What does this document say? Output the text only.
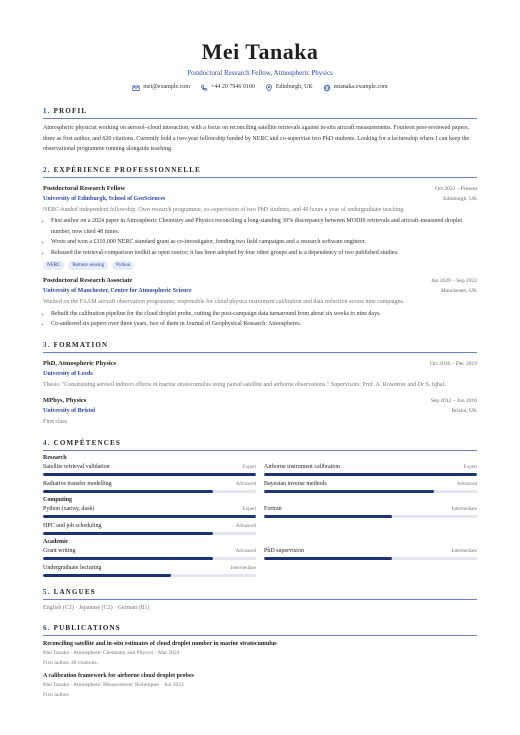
Mei Tanaka
Postdoctoral Research Fellow, Atmospheric Physics
mei@example.com	+44 20 7946 0100	Edinburgh, UK	mtanaka.example.com
1. PROFIL
Atmospheric physicist working on aerosol–cloud interaction, with a focus on reconciling satellite retrievals against in-situ aircraft measurements. Fourteen peer-reviewed papers, three as first author, and 620 citations. Currently hold a two-year fellowship funded by NERC and co-supervise two PhD students. Looking for a lectureship where I can keep the observational programme running alongside teaching.
2. EXPÉRIENCE PROFESSIONNELLE
Postdoctoral Research Fellow	Oct 2022 – Present
University of Edinburgh, School of GeoSciences	Edinburgh, UK
NERC-funded independent fellowship. Own research programme, co-supervision of two PhD students, and 40 hours a year of undergraduate teaching.
• First author on a 2024 paper in Atmospheric Chemistry and Physics reconciling a long-standing 30% discrepancy between MODIS retrievals and aircraft-measured droplet number, now cited 48 times.
• Wrote and won a £310,000 NERC standard grant as co-investigator, funding two field campaigns and a research software engineer.
• Released the retrieval-comparison toolkit as open source; it has been adopted by four other groups and is a dependency of two published studies.
NERC	Remote sensing	Python
Postdoctoral Research Associate	Jan 2020 – Sep 2022
University of Manchester, Centre for Atmospheric Science	Manchester, UK
Worked on the FAAM aircraft observation programme; responsible for cloud physics instrument calibration and data reduction across nine campaigns.
• Rebuilt the calibration pipeline for the cloud droplet probe, cutting the post-campaign data turnaround from about six weeks to nine days.
• Co-authored six papers over three years, two of them in Journal of Geophysical Research: Atmospheres.
3. FORMATION
PhD, Atmospheric Physics	Oct 2016 – Dec 2019
University of Leeds
Thesis: "Constraining aerosol indirect effects in marine stratocumulus using paired satellite and airborne observations." Supervisors: Prof. A. Rowntree and Dr S. Iqbal.
MPhys, Physics	Sep 2012 – Jun 2016
University of Bristol	Bristol, UK
First class
4. COMPÉTENCES
Research
Satellite retrieval validation	Expert Airborne instrument calibration	Expert
Radiative transfer modelling	Advanced Bayesian inverse methods	Advanced
Computing
Python (xarray, dask)	Expert Fortran	Intermediate
HPC and job scheduling	Advanced
Academic
Grant writing	Advanced PhD supervision	Intermediate
Undergraduate lecturing	Intermediate
5. LANGUES
English (C2) · Japanese (C2) · German (B1)
6. PUBLICATIONS
Reconciling satellite and in-situ estimates of cloud droplet number in marine stratocumulus
Mei Tanaka · Atmospheric Chemistry and Physics · Mar 2024
First author. 48 citations.
A calibration framework for airborne cloud droplet probes
Mei Tanaka · Atmospheric Measurement Techniques · Jun 2022
First author.
